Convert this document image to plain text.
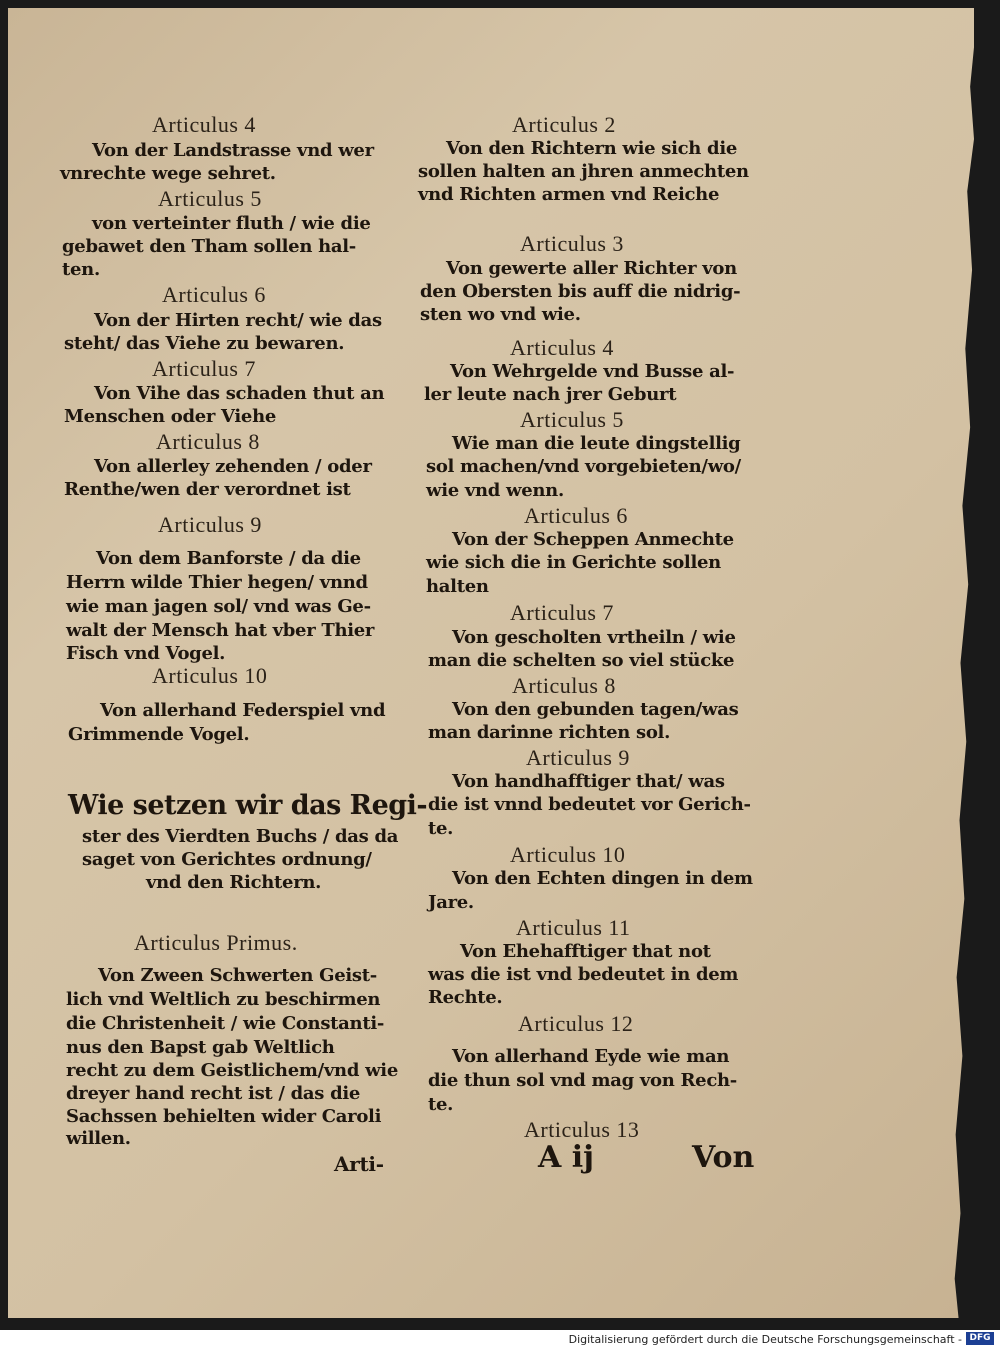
Articulus 4
Von der Landstrasse vnd wer
vnrechte wege sehret.
Articulus 5
von verteinter fluth / wie die
gebawet den Tham sollen hal-
ten.
Articulus 6
Von der Hirten recht/ wie das
steht/ das Viehe zu bewaren.
Articulus 7
Von Vihe das schaden thut an
Menschen oder Viehe
Articulus 8
Von allerley zehenden / oder
Renthe/wen der verordnet ist
Articulus 9
Von dem Banforste / da die
Herrn wilde Thier hegen/ vnnd
wie man jagen sol/ vnd was Ge-
walt der Mensch hat vber Thier
Fisch vnd Vogel.
Articulus 10
Von allerhand Federspiel vnd
Grimmende Vogel.
Wie setzen wir das Regi-
ster des Vierdten Buchs / das da
saget von Gerichtes ordnung/
vnd den Richtern.
Articulus Primus.
Von Zween Schwerten Geist-
lich vnd Weltlich zu beschirmen
die Christenheit / wie Constanti-
nus den Bapst gab Weltlich
recht zu dem Geistlichem/vnd wie
dreyer hand recht ist / das die
Sachssen behielten wider Caroli
willen.
Arti-
Articulus 2
Von den Richtern wie sich die
sollen halten an jhren anmechten
vnd Richten armen vnd Reiche
Articulus 3
Von gewerte aller Richter von
den Obersten bis auff die nidrig-
sten wo vnd wie.
Articulus 4
Von Wehrgelde vnd Busse al-
ler leute nach jrer Geburt
Articulus 5
Wie man die leute dingstellig
sol machen/vnd vorgebieten/wo/
wie vnd wenn.
Articulus 6
Von der Scheppen Anmechte
wie sich die in Gerichte sollen
halten
Articulus 7
Von gescholten vrtheiln / wie
man die schelten so viel stücke
Articulus 8
Von den gebunden tagen/was
man darinne richten sol.
Articulus 9
Von handhafftiger that/ was
die ist vnnd bedeutet vor Gerich-
te.
Articulus 10
Von den Echten dingen in dem
Jare.
Articulus 11
Von Ehehafftiger that not
was die ist vnd bedeutet in dem
Rechte.
Articulus 12
Von allerhand Eyde wie man
die thun sol vnd mag von Rech-
te.
Articulus 13
A ij	Von
Digitalisierung gefördert durch die Deutsche Forschungsgemeinschaft - DFG
